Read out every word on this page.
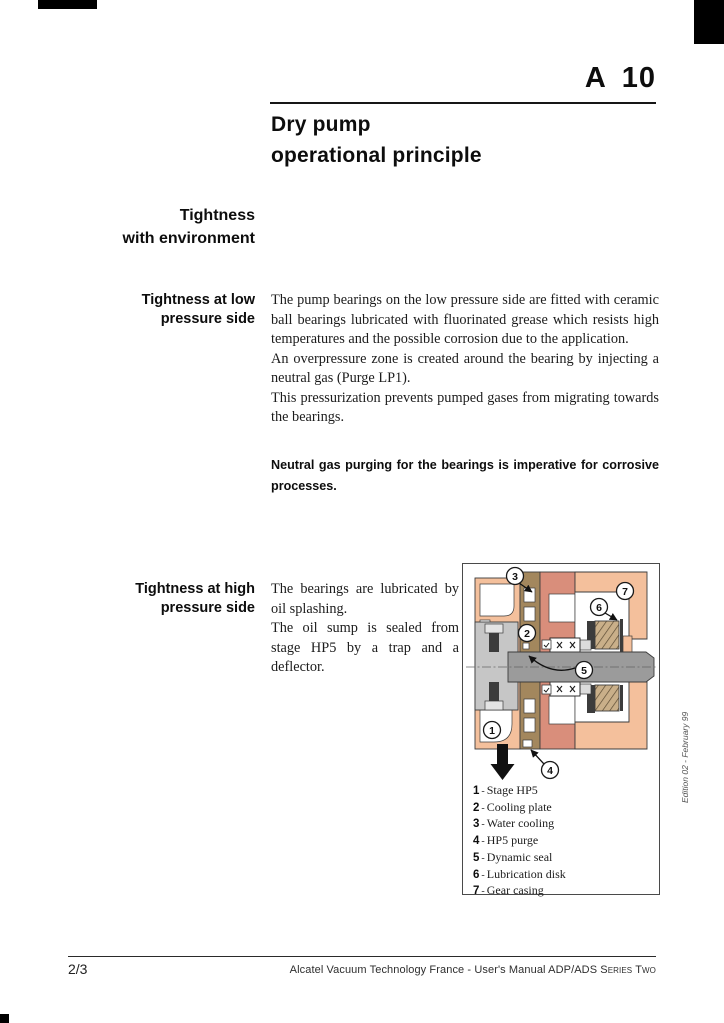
A 10
Dry pump
operational principle
Tightness
with environment
Tightness at low
pressure side

The pump bearings on the low pressure side are fitted with ceramic ball bearings lubricated with fluorinated grease which resists high temperatures and the possible corrosion due to the application.

An overpressure zone is created around the bearing by injecting a neutral gas (Purge LP1).

This pressurization prevents pumped gases from migrating towards the bearings.

Neutral gas purging for the bearings is imperative for corrosive processes.
Tightness at high
pressure side

The bearings are lubricated by oil splashing.

The oil sump is sealed from stage HP5 by a trap and a deflector.

3
7
6
2
5
1
4
1 - Stage HP5
2 - Cooling plate
3 - Water cooling
4 - HP5 purge
5 - Dynamic seal
6 - Lubrication disk
7 - Gear casing
Edition 02 - February 99
2/3	Alcatel Vacuum Technology France - User's Manual ADP/ADS Series Two
